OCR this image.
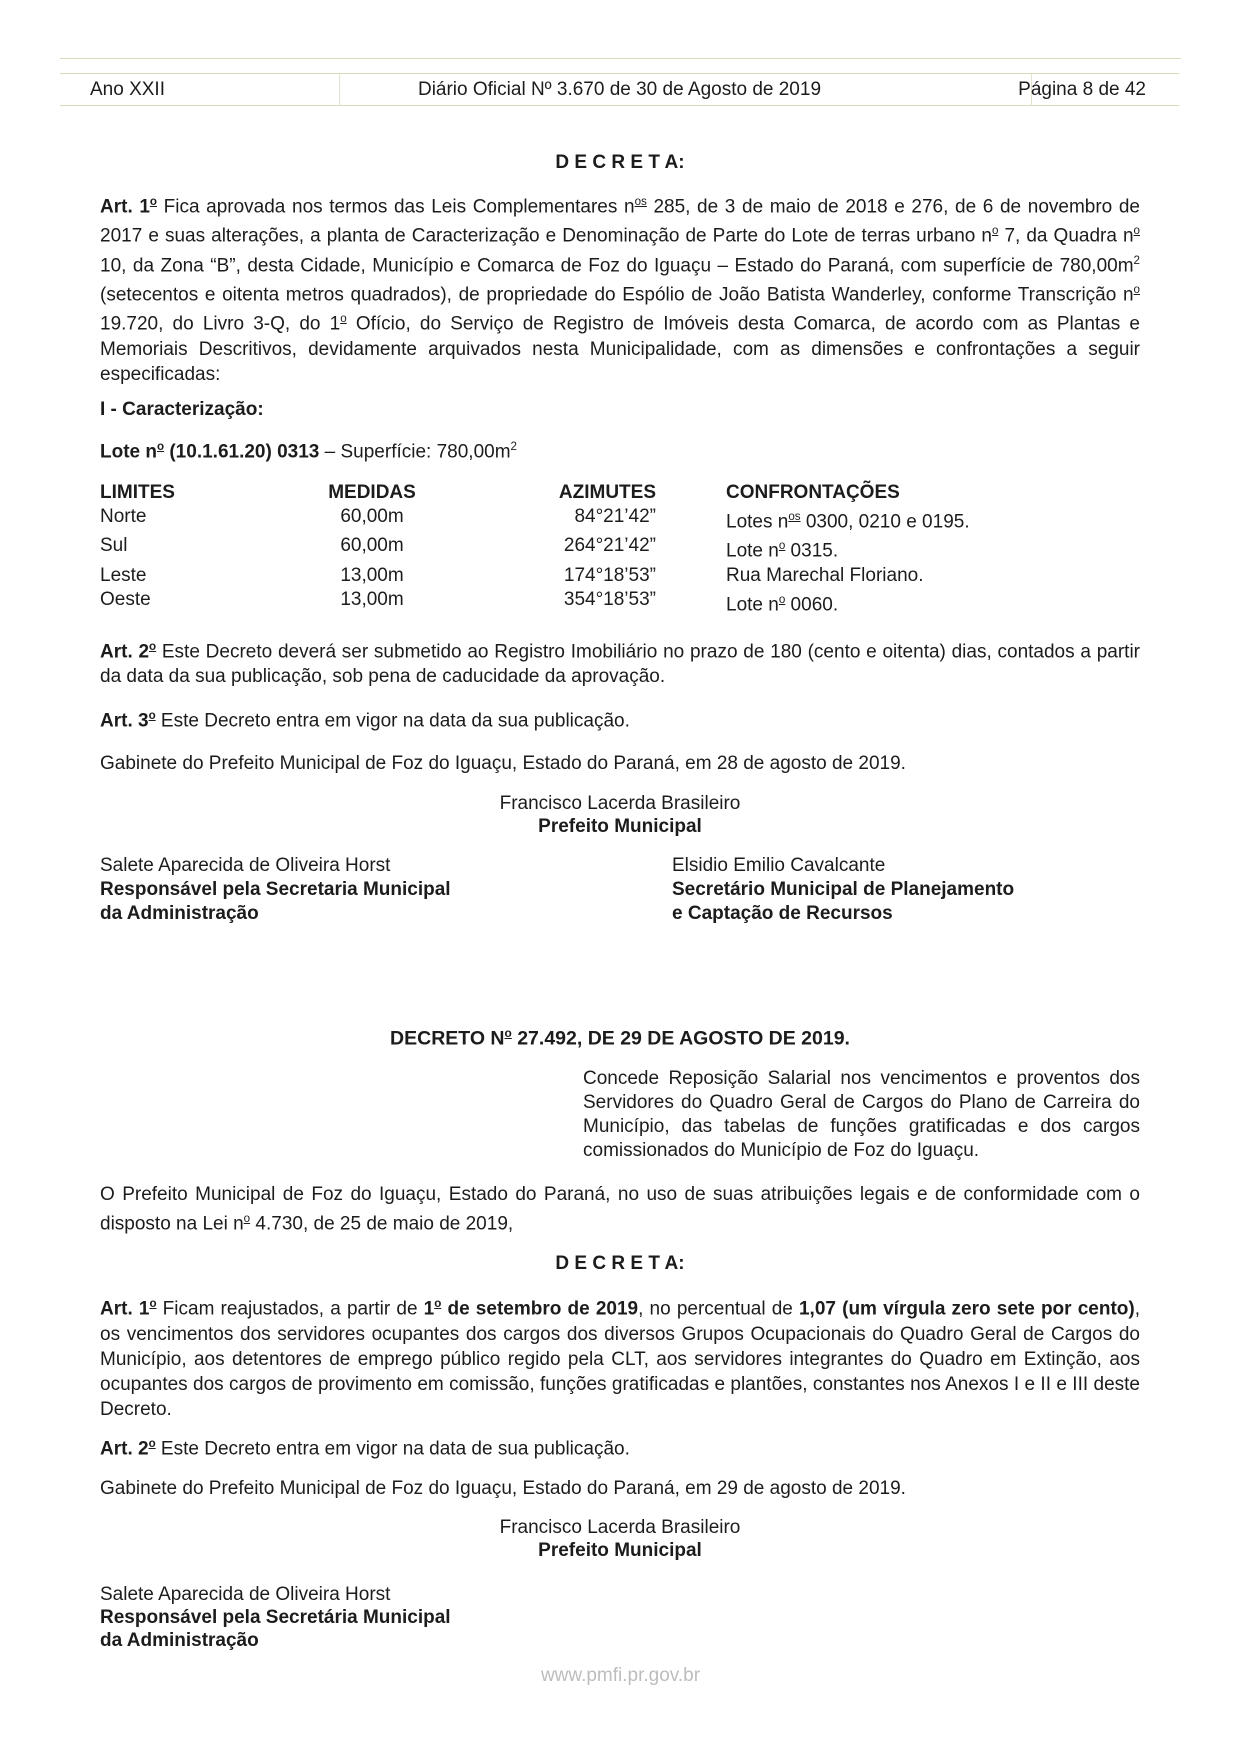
Ano XXII	Diário Oficial Nº 3.670 de 30 de Agosto de 2019	Página 8 de 42
D E C R E T A:

Art. 1$^o$ Fica aprovada nos termos das Leis Complementares $n^{os}$ 285, de 3 de maio de 2018 e 276, de 6 de novembro de 2017 e suas alterações, a planta de Caracterização e Denominação de Parte do Lote de terras urbano $n^o$ 7, da Quadra $n^o$ 10, da Zona “B”, desta Cidade, Município e Comarca de Foz do Iguaçu – Estado do Paraná, com superfície de $780,00m^2$ (setecentos e oitenta metros quadrados), de propriedade do Espólio de João Batista Wanderley, conforme Transcrição $n^o$ 19.720, do Livro 3-Q, do 1$^o$ Ofício, do Serviço de Registro de Imóveis desta Comarca, de acordo com as Plantas e Memoriais Descritivos, devidamente arquivados nesta Municipalidade, com as dimensões e confrontações a seguir especificadas:

I - Caracterização:
Lote $n^o$ (10.1.61.20) 0313 – Superfície: $780,00m^2$
LIMITES	MEDIDAS	AZIMUTES	CONFRONTAÇÕES
Norte	60,00m	84°21’42”	Lotes $n^{os}$ 0300, 0210 e 0195.
Sul	60,00m	264°21’42”	Lote $n^o$ 0315.
Leste	13,00m	174°18’53”	Rua Marechal Floriano.
Oeste	13,00m	354°18’53”	Lote $n^o$ 0060.

Art. 2$^o$ Este Decreto deverá ser submetido ao Registro Imobiliário no prazo de 180 (cento e oitenta) dias, contados a partir da data da sua publicação, sob pena de caducidade da aprovação.

Art. 3$^o$ Este Decreto entra em vigor na data da sua publicação.

Gabinete do Prefeito Municipal de Foz do Iguaçu, Estado do Paraná, em 28 de agosto de 2019.

Francisco Lacerda Brasileiro
Prefeito Municipal
Salete Aparecida de Oliveira Horst
Responsável pela Secretaria Municipal
da Administração
Elsidio Emilio Cavalcante
Secretário Municipal de Planejamento
e Captação de Recursos
DECRETO $N^o$ 27.492, DE 29 DE AGOSTO DE 2019.

Concede Reposição Salarial nos vencimentos e proventos dos Servidores do Quadro Geral de Cargos do Plano de Carreira do Município, das tabelas de funções gratificadas e dos cargos comissionados do Município de Foz do Iguaçu.

O Prefeito Municipal de Foz do Iguaçu, Estado do Paraná, no uso de suas atribuições legais e de conformidade com o disposto na Lei $n^o$ 4.730, de 25 de maio de 2019,

D E C R E T A:

Art. 1$^o$ Ficam reajustados, a partir de 1$^o$ de setembro de 2019, no percentual de 1,07 (um vírgula zero sete por cento), os vencimentos dos servidores ocupantes dos cargos dos diversos Grupos Ocupacionais do Quadro Geral de Cargos do Município, aos detentores de emprego público regido pela CLT, aos servidores integrantes do Quadro em Extinção, aos ocupantes dos cargos de provimento em comissão, funções gratificadas e plantões, constantes nos Anexos I e II e III deste Decreto.

Art. 2$^o$ Este Decreto entra em vigor na data de sua publicação.

Gabinete do Prefeito Municipal de Foz do Iguaçu, Estado do Paraná, em 29 de agosto de 2019.

Francisco Lacerda Brasileiro
Prefeito Municipal
Salete Aparecida de Oliveira Horst
Responsável pela Secretária Municipal
da Administração
www.pmfi.pr.gov.br
